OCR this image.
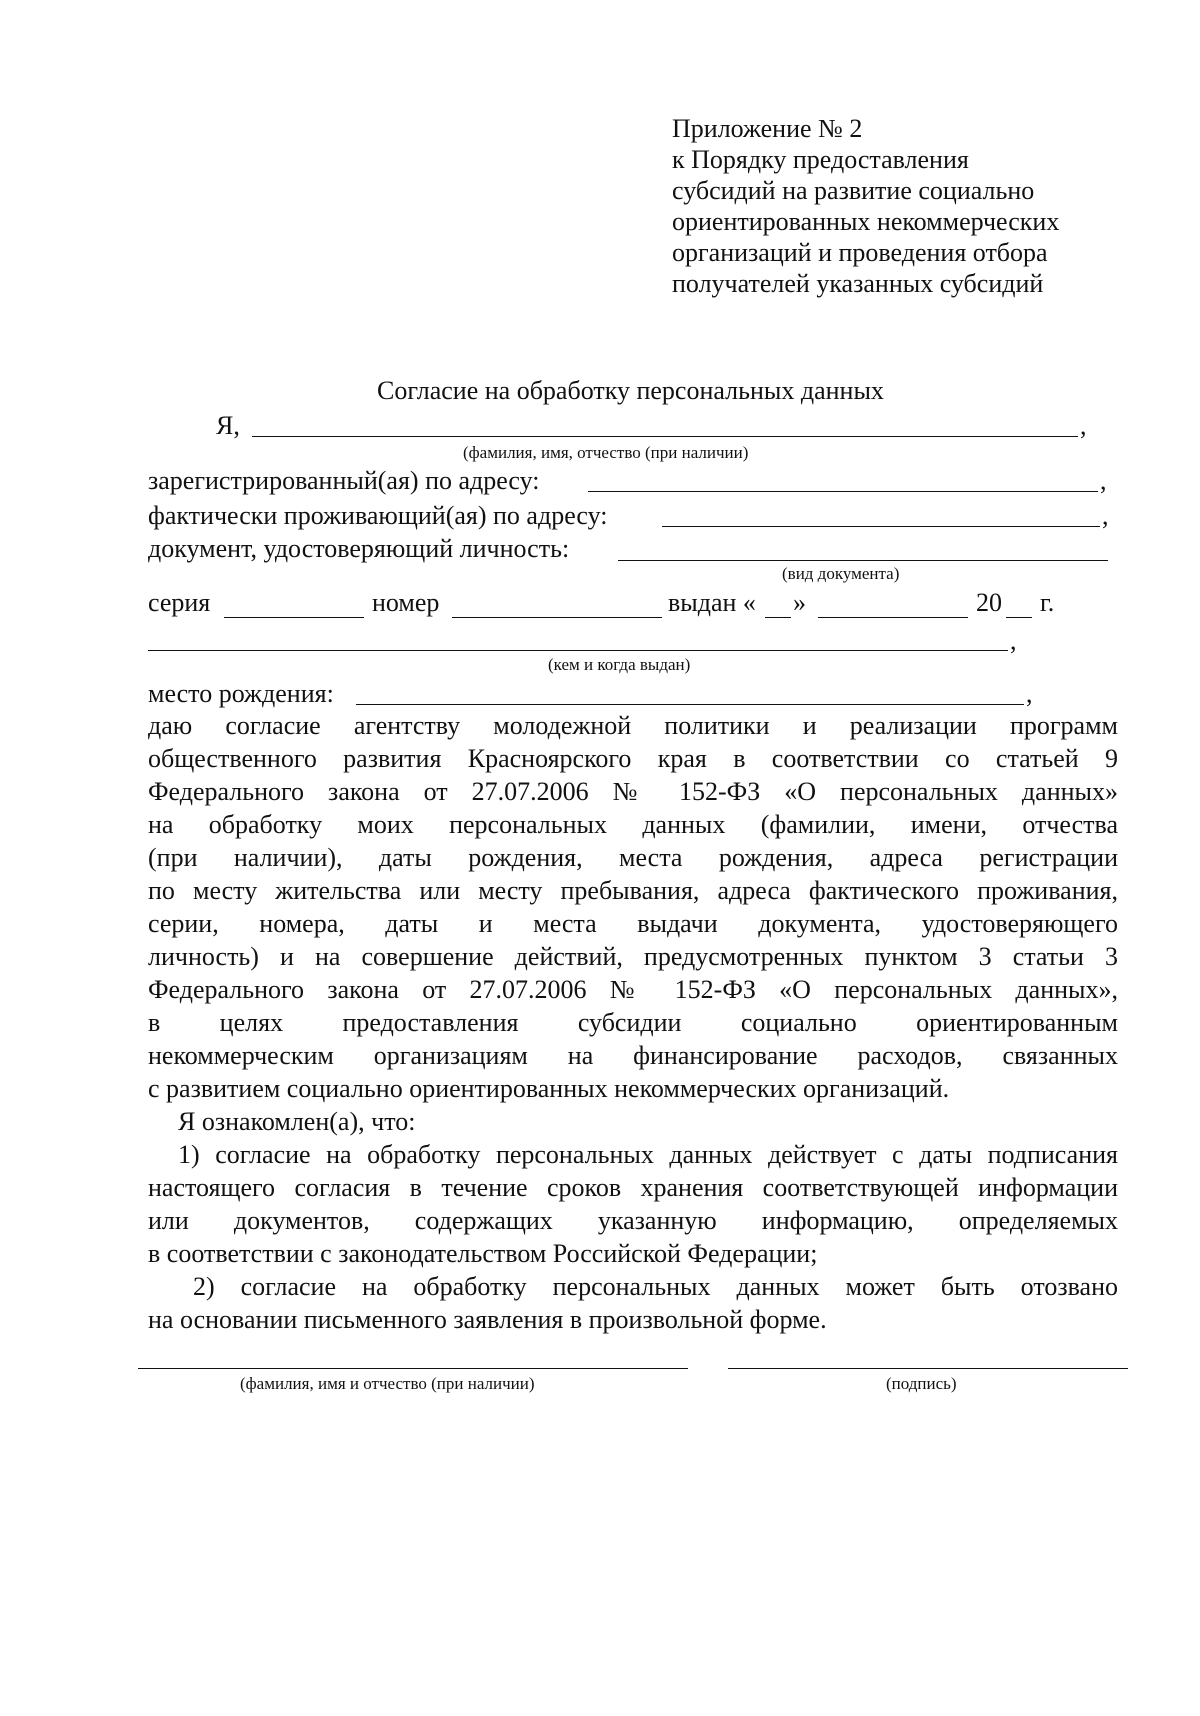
Приложение № 2
к Порядку предоставления
субсидий на развитие социально
ориентированных некоммерческих
организаций и проведения отбора
получателей указанных субсидий
Согласие на обработку персональных данных
Я,	,
(фамилия, имя, отчество (при наличии)
зарегистрированный(ая) по адресу:	,
фактически проживающий(ая) по адресу:	,
документ, удостоверяющий личность:
(вид документа)
серия	номер	выдан « »	20 г.
,
(кем и когда выдан)
место рождения:	,
даю согласие агентству молодежной политики и реализации программ
общественного развития Красноярского края в соответствии со статьей 9
Федерального закона от 27.07.2006 № 152-ФЗ «О персональных данных»
на обработку моих персональных данных (фамилии, имени, отчества
(при наличии), даты рождения, места рождения, адреса регистрации
по месту жительства или месту пребывания, адреса фактического проживания,
серии, номера, даты и места выдачи документа, удостоверяющего
личность) и на совершение действий, предусмотренных пунктом 3 статьи 3
Федерального закона от 27.07.2006 № 152-ФЗ «О персональных данных»,
в целях предоставления субсидии социально ориентированным
некоммерческим организациям на финансирование расходов, связанных
с развитием социально ориентированных некоммерческих организаций.
Я ознакомлен(а), что:
1) согласие на обработку персональных данных действует с даты подписания
настоящего согласия в течение сроков хранения соответствующей информации
или документов, содержащих указанную информацию, определяемых
в соответствии с законодательством Российской Федерации;
2) согласие на обработку персональных данных может быть отозвано
на основании письменного заявления в произвольной форме.
(фамилия, имя и отчество (при наличии)	(подпись)
